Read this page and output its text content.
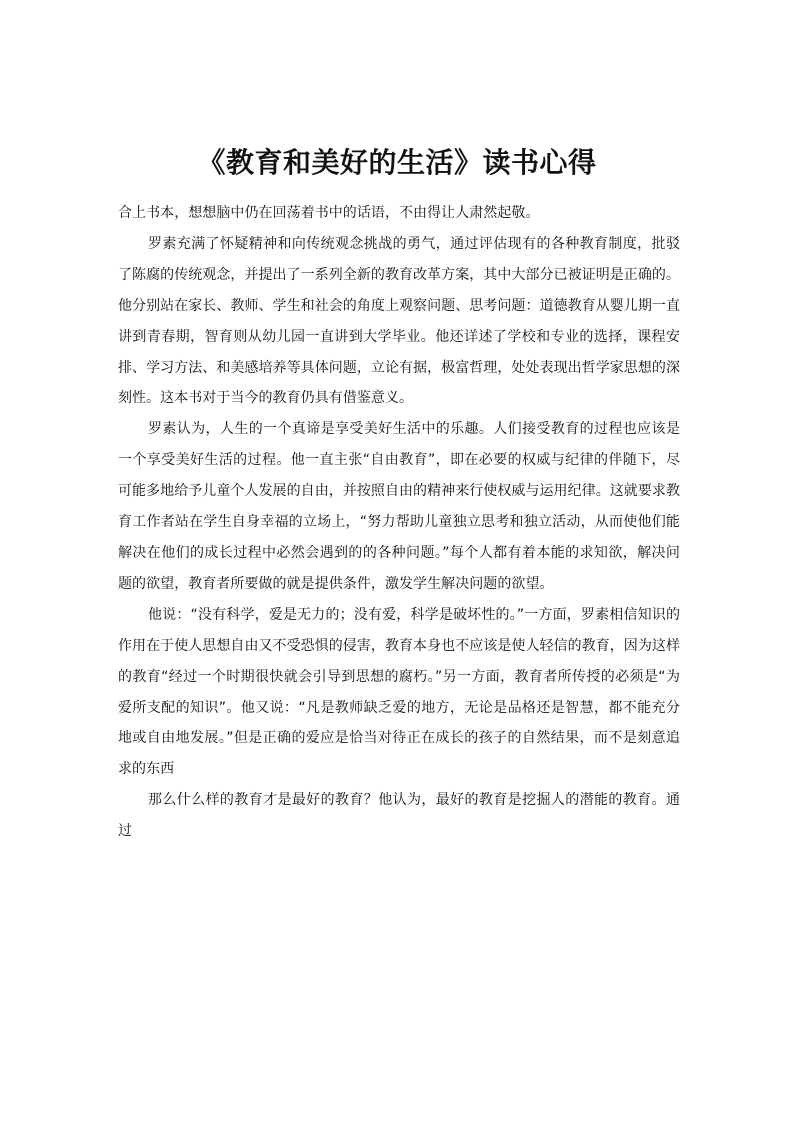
《教育和美好的生活》读书心得

合上书本，想想脑中仍在回荡着书中的话语，不由得让人肃然起敬。

罗素充满了怀疑精神和向传统观念挑战的勇气，通过评估现有的各种教育制度，批驳了陈腐的传统观念，并提出了一系列全新的教育改革方案，其中大部分已被证明是正确的。他分别站在家长、教师、学生和社会的角度上观察问题、思考问题：道德教育从婴儿期一直讲到青春期，智育则从幼儿园一直讲到大学毕业。他还详述了学校和专业的选择，课程安排、学习方法、和美感培养等具体问题，立论有据，极富哲理，处处表现出哲学家思想的深刻性。这本书对于当今的教育仍具有借鉴意义。

罗素认为，人生的一个真谛是享受美好生活中的乐趣。人们接受教育的过程也应该是一个享受美好生活的过程。他一直主张“自由教育”，即在必要的权威与纪律的伴随下，尽可能多地给予儿童个人发展的自由，并按照自由的精神来行使权威与运用纪律。这就要求教育工作者站在学生自身幸福的立场上，“努力帮助儿童独立思考和独立活动，从而使他们能解决在他们的成长过程中必然会遇到的的各种问题。”每个人都有着本能的求知欲，解决问题的欲望，教育者所要做的就是提供条件，激发学生解决问题的欲望。

他说：“没有科学，爱是无力的；没有爱，科学是破坏性的。”一方面，罗素相信知识的作用在于使人思想自由又不受恐惧的侵害，教育本身也不应该是使人轻信的教育，因为这样的教育“经过一个时期很快就会引导到思想的腐朽。”另一方面，教育者所传授的必须是“为爱所支配的知识”。他又说：“凡是教师缺乏爱的地方，无论是品格还是智慧，都不能充分地或自由地发展。”但是正确的爱应是恰当对待正在成长的孩子的自然结果，而不是刻意追求的东西

那么什么样的教育才是最好的教育？他认为，最好的教育是挖掘人的潜能的教育。通过
